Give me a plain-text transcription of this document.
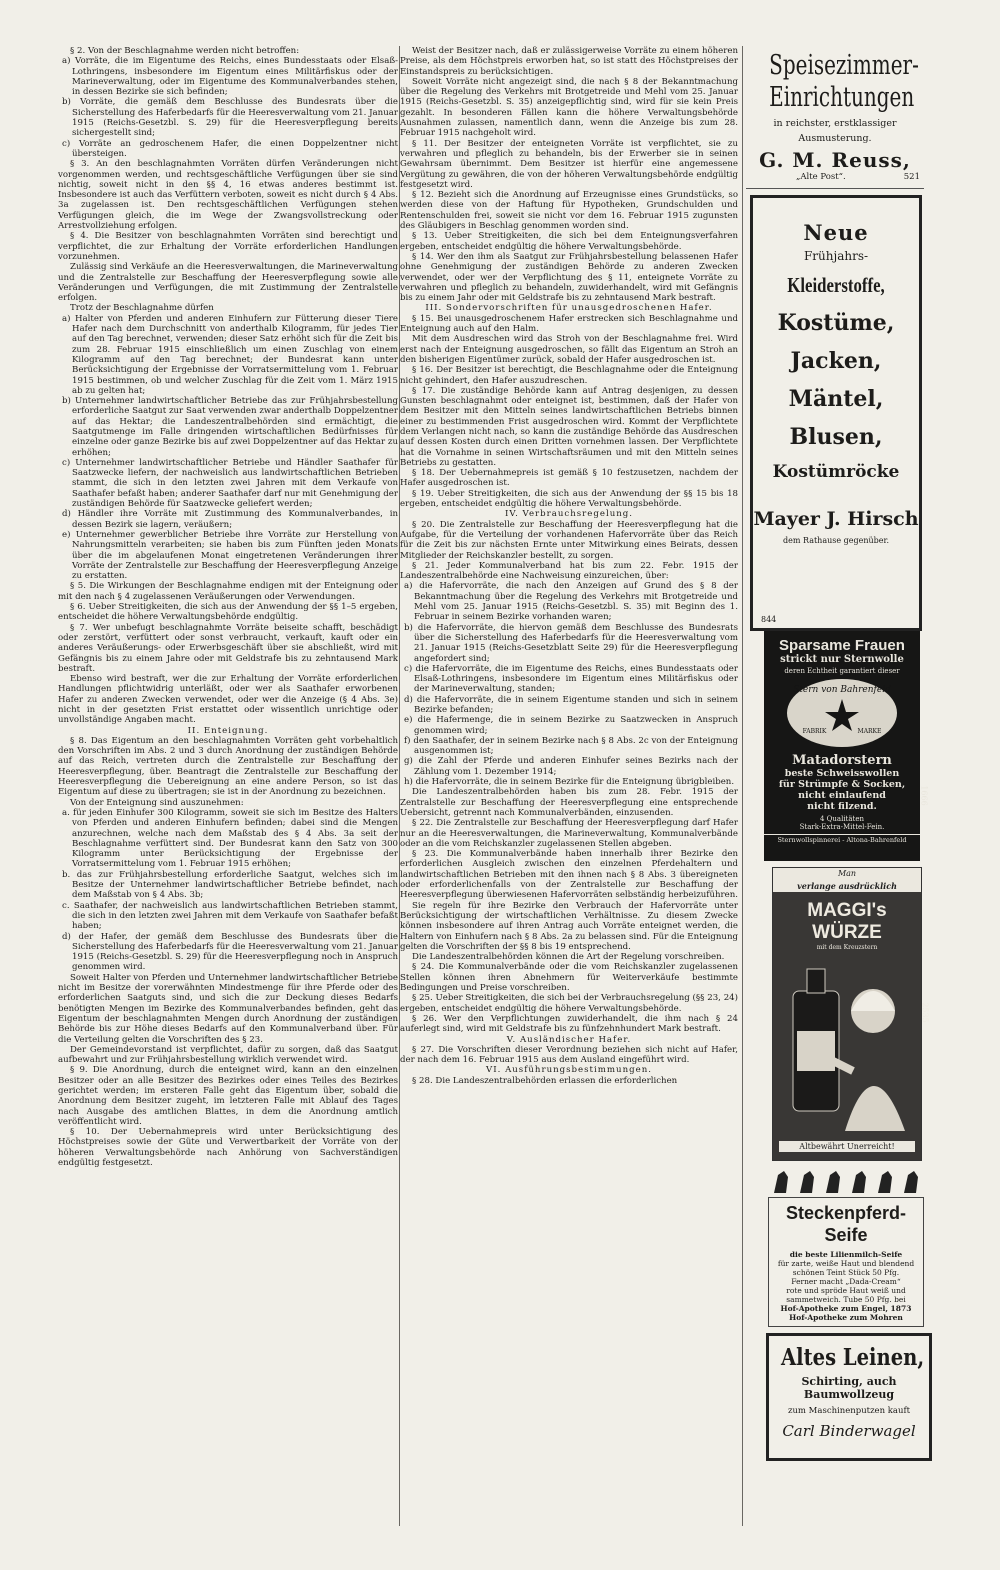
§ 2. Von der Beschlagnahme werden nicht betroffen:

a) Vorräte, die im Eigentume des Reichs, eines Bundesstaats oder Elsaß-Lothringens, insbesondere im Eigentum eines Militärfiskus oder der Marineverwaltung, oder im Eigentume des Kommunalverbandes stehen, in dessen Bezirke sie sich befinden;

b) Vorräte, die gemäß dem Beschlusse des Bundesrats über die Sicherstellung des Haferbedarfs für die Heeresverwaltung vom 21. Januar 1915 (Reichs-Gesetzbl. S. 29) für die Heeresverpflegung bereits sichergestellt sind;

c) Vorräte an gedroschenem Hafer, die einen Doppelzentner nicht übersteigen.

§ 3. An den beschlagnahmten Vorräten dürfen Veränderungen nicht vorgenommen werden, und rechtsgeschäftliche Verfügungen über sie sind nichtig, soweit nicht in den §§ 4, 16 etwas anderes bestimmt ist. Insbesondere ist auch das Verfüttern verboten, soweit es nicht durch § 4 Abs. 3a zugelassen ist. Den rechtsgeschäftlichen Verfügungen stehen Verfügungen gleich, die im Wege der Zwangsvollstreckung oder Arrestvollziehung erfolgen.

§ 4. Die Besitzer von beschlagnahmten Vorräten sind berechtigt und verpflichtet, die zur Erhaltung der Vorräte erforderlichen Handlungen vorzunehmen.

Zulässig sind Verkäufe an die Heeresverwaltungen, die Marineverwaltung und die Zentralstelle zur Beschaffung der Heeresverpflegung sowie alle Veränderungen und Verfügungen, die mit Zustimmung der Zentralstelle erfolgen.

Trotz der Beschlagnahme dürfen

a) Halter von Pferden und anderen Einhufern zur Fütterung dieser Tiere Hafer nach dem Durchschnitt von anderthalb Kilogramm, für jedes Tier auf den Tag berechnet, verwenden; dieser Satz erhöht sich für die Zeit bis zum 28. Februar 1915 einschließlich um einen Zuschlag von einem Kilogramm auf den Tag berechnet; der Bundesrat kann unter Berücksichtigung der Ergebnisse der Vorratsermittelung vom 1. Februar 1915 bestimmen, ob und welcher Zuschlag für die Zeit vom 1. März 1915 ab zu gelten hat;

b) Unternehmer landwirtschaftlicher Betriebe das zur Frühjahrsbestellung erforderliche Saatgut zur Saat verwenden zwar anderthalb Doppelzentner auf das Hektar; die Landeszentralbehörden sind ermächtigt, die Saatgutmenge im Falle dringenden wirtschaftlichen Bedürfnisses für einzelne oder ganze Bezirke bis auf zwei Doppelzentner auf das Hektar zu erhöhen;

c) Unternehmer landwirtschaftlicher Betriebe und Händler Saathafer für Saatzwecke liefern, der nachweislich aus landwirtschaftlichen Betrieben stammt, die sich in den letzten zwei Jahren mit dem Verkaufe von Saathafer befaßt haben; anderer Saathafer darf nur mit Genehmigung der zuständigen Behörde für Saatzwecke geliefert werden;

d) Händler ihre Vorräte mit Zustimmung des Kommunalverbandes, in dessen Bezirk sie lagern, veräußern;

e) Unternehmer gewerblicher Betriebe ihre Vorräte zur Herstellung von Nahrungsmitteln verarbeiten; sie haben bis zum Fünften jeden Monats über die im abgelaufenen Monat eingetretenen Veränderungen ihrer Vorräte der Zentralstelle zur Beschaffung der Heeresverpflegung Anzeige zu erstatten.

§ 5. Die Wirkungen der Beschlagnahme endigen mit der Enteignung oder mit den nach § 4 zugelassenen Veräußerungen oder Verwendungen.

§ 6. Ueber Streitigkeiten, die sich aus der Anwendung der §§ 1–5 ergeben, entscheidet die höhere Verwaltungsbehörde endgültig.

§ 7. Wer unbefugt beschlagnahmte Vorräte beiseite schafft, beschädigt oder zerstört, verfüttert oder sonst verbraucht, verkauft, kauft oder ein anderes Veräußerungs- oder Erwerbsgeschäft über sie abschließt, wird mit Gefängnis bis zu einem Jahre oder mit Geldstrafe bis zu zehntausend Mark bestraft.

Ebenso wird bestraft, wer die zur Erhaltung der Vorräte erforderlichen Handlungen pflichtwidrig unterläßt, oder wer als Saathafer erworbenen Hafer zu anderen Zwecken verwendet, oder wer die Anzeige (§ 4 Abs. 3e) nicht in der gesetzten Frist erstattet oder wissentlich unrichtige oder unvollständige Angaben macht.

II. Enteignung.

§ 8. Das Eigentum an den beschlagnahmten Vorräten geht vorbehaltlich den Vorschriften im Abs. 2 und 3 durch Anordnung der zuständigen Behörde auf das Reich, vertreten durch die Zentralstelle zur Beschaffung der Heeresverpflegung, über. Beantragt die Zentralstelle zur Beschaffung der Heeresverpflegung die Uebereignung an eine andere Person, so ist das Eigentum auf diese zu übertragen; sie ist in der Anordnung zu bezeichnen.

Von der Enteignung sind auszunehmen:

a. für jeden Einhufer 300 Kilogramm, soweit sie sich im Besitze des Halters von Pferden und anderen Einhufern befinden; dabei sind die Mengen anzurechnen, welche nach dem Maßstab des § 4 Abs. 3a seit der Beschlagnahme verfüttert sind. Der Bundesrat kann den Satz von 300 Kilogramm unter Berücksichtigung der Ergebnisse der Vorratsermittelung vom 1. Februar 1915 erhöhen;

b. das zur Frühjahrsbestellung erforderliche Saatgut, welches sich im Besitze der Unternehmer landwirtschaftlicher Betriebe befindet, nach dem Maßstab von § 4 Abs. 3b;

c. Saathafer, der nachweislich aus landwirtschaftlichen Betrieben stammt, die sich in den letzten zwei Jahren mit dem Verkaufe von Saathafer befaßt haben;

d) der Hafer, der gemäß dem Beschlusse des Bundesrats über die Sicherstellung des Haferbedarfs für die Heeresverwaltung vom 21. Januar 1915 (Reichs-Gesetzbl. S. 29) für die Heeresverpflegung noch in Anspruch genommen wird.

Soweit Halter von Pferden und Unternehmer landwirtschaftlicher Betriebe nicht im Besitze der vorerwähnten Mindestmenge für ihre Pferde oder des erforderlichen Saatguts sind, und sich die zur Deckung dieses Bedarfs benötigten Mengen im Bezirke des Kommunalverbandes befinden, geht das Eigentum der beschlagnahmten Mengen durch Anordnung der zuständigen Behörde bis zur Höhe dieses Bedarfs auf den Kommunalverband über. Für die Verteilung gelten die Vorschriften des § 23.

Der Gemeindevorstand ist verpflichtet, dafür zu sorgen, daß das Saatgut aufbewahrt und zur Frühjahrsbestellung wirklich verwendet wird.

§ 9. Die Anordnung, durch die enteignet wird, kann an den einzelnen Besitzer oder an alle Besitzer des Bezirkes oder eines Teiles des Bezirkes gerichtet werden; im ersteren Falle geht das Eigentum über, sobald die Anordnung dem Besitzer zugeht, im letzteren Falle mit Ablauf des Tages nach Ausgabe des amtlichen Blattes, in dem die Anordnung amtlich veröffentlicht wird.

§ 10. Der Uebernahmepreis wird unter Berücksichtigung des Höchstpreises sowie der Güte und Verwertbarkeit der Vorräte von der höheren Verwaltungsbehörde nach Anhörung von Sachverständigen endgültig festgesetzt.

Weist der Besitzer nach, daß er zulässigerweise Vorräte zu einem höheren Preise, als dem Höchstpreis erworben hat, so ist statt des Höchstpreises der Einstandspreis zu berücksichtigen.

Soweit Vorräte nicht angezeigt sind, die nach § 8 der Bekanntmachung über die Regelung des Verkehrs mit Brotgetreide und Mehl vom 25. Januar 1915 (Reichs-Gesetzbl. S. 35) anzeigepflichtig sind, wird für sie kein Preis gezahlt. In besonderen Fällen kann die höhere Verwaltungsbehörde Ausnahmen zulassen, namentlich dann, wenn die Anzeige bis zum 28. Februar 1915 nachgeholt wird.

§ 11. Der Besitzer der enteigneten Vorräte ist verpflichtet, sie zu verwahren und pfleglich zu behandeln, bis der Erwerber sie in seinen Gewahrsam übernimmt. Dem Besitzer ist hierfür eine angemessene Vergütung zu gewähren, die von der höheren Verwaltungsbehörde endgültig festgesetzt wird.

§ 12. Bezieht sich die Anordnung auf Erzeugnisse eines Grundstücks, so werden diese von der Haftung für Hypotheken, Grundschulden und Rentenschulden frei, soweit sie nicht vor dem 16. Februar 1915 zugunsten des Gläubigers in Beschlag genommen worden sind.

§ 13. Ueber Streitigkeiten, die sich bei dem Enteignungsverfahren ergeben, entscheidet endgültig die höhere Verwaltungsbehörde.

§ 14. Wer den ihm als Saatgut zur Frühjahrsbestellung belassenen Hafer ohne Genehmigung der zuständigen Behörde zu anderen Zwecken verwendet, oder wer der Verpflichtung des § 11, enteignete Vorräte zu verwahren und pfleglich zu behandeln, zuwiderhandelt, wird mit Gefängnis bis zu einem Jahr oder mit Geldstrafe bis zu zehntausend Mark bestraft.

III. Sondervorschriften für unausgedroschenen Hafer.

§ 15. Bei unausgedroschenem Hafer erstrecken sich Beschlagnahme und Enteignung auch auf den Halm.

Mit dem Ausdreschen wird das Stroh von der Beschlagnahme frei. Wird erst nach der Enteignung ausgedroschen, so fällt das Eigentum an Stroh an den bisherigen Eigentümer zurück, sobald der Hafer ausgedroschen ist.

§ 16. Der Besitzer ist berechtigt, die Beschlagnahme oder die Enteignung nicht gehindert, den Hafer auszudreschen.

§ 17. Die zuständige Behörde kann auf Antrag desjenigen, zu dessen Gunsten beschlagnahmt oder enteignet ist, bestimmen, daß der Hafer von dem Besitzer mit den Mitteln seines landwirtschaftlichen Betriebs binnen einer zu bestimmenden Frist ausgedroschen wird. Kommt der Verpflichtete dem Verlangen nicht nach, so kann die zuständige Behörde das Ausdreschen auf dessen Kosten durch einen Dritten vornehmen lassen. Der Verpflichtete hat die Vornahme in seinen Wirtschaftsräumen und mit den Mitteln seines Betriebs zu gestatten.

§ 18. Der Uebernahmepreis ist gemäß § 10 festzusetzen, nachdem der Hafer ausgedroschen ist.

§ 19. Ueber Streitigkeiten, die sich aus der Anwendung der §§ 15 bis 18 ergeben, entscheidet endgültig die höhere Verwaltungsbehörde.

IV. Verbrauchsregelung.

§ 20. Die Zentralstelle zur Beschaffung der Heeresverpflegung hat die Aufgabe, für die Verteilung der vorhandenen Hafervorräte über das Reich für die Zeit bis zur nächsten Ernte unter Mitwirkung eines Beirats, dessen Mitglieder der Reichskanzler bestellt, zu sorgen.

§ 21. Jeder Kommunalverband hat bis zum 22. Febr. 1915 der Landeszentralbehörde eine Nachweisung einzureichen, über:

a) die Hafervorräte, die nach den Anzeigen auf Grund des § 8 der Bekanntmachung über die Regelung des Verkehrs mit Brotgetreide und Mehl vom 25. Januar 1915 (Reichs-Gesetzbl. S. 35) mit Beginn des 1. Februar in seinem Bezirke vorhanden waren;

b) die Hafervorräte, die hiervon gemäß dem Beschlusse des Bundesrats über die Sicherstellung des Haferbedarfs für die Heeresverwaltung vom 21. Januar 1915 (Reichs-Gesetzblatt Seite 29) für die Heeresverpflegung angefordert sind;

c) die Hafervorräte, die im Eigentume des Reichs, eines Bundesstaats oder Elsaß-Lothringens, insbesondere im Eigentum eines Militärfiskus oder der Marineverwaltung, standen;

d) die Hafervorräte, die in seinem Eigentume standen und sich in seinem Bezirke befanden;

e) die Hafermenge, die in seinem Bezirke zu Saatzwecken in Anspruch genommen wird;

f) den Saathafer, der in seinem Bezirke nach § 8 Abs. 2c von der Enteignung ausgenommen ist;

g) die Zahl der Pferde und anderen Einhufer seines Bezirks nach der Zählung vom 1. Dezember 1914;

h) die Hafervorräte, die in seinem Bezirke für die Enteignung übrigbleiben.

Die Landeszentralbehörden haben bis zum 28. Febr. 1915 der Zentralstelle zur Beschaffung der Heeresverpflegung eine entsprechende Uebersicht, getrennt nach Kommunalverbänden, einzusenden.

§ 22. Die Zentralstelle zur Beschaffung der Heeresverpflegung darf Hafer nur an die Heeresverwaltungen, die Marineverwaltung, Kommunalverbände oder an die vom Reichskanzler zugelassenen Stellen abgeben.

§ 23. Die Kommunalverbände haben innerhalb ihrer Bezirke den erforderlichen Ausgleich zwischen den einzelnen Pferdehaltern und landwirtschaftlichen Betrieben mit den ihnen nach § 8 Abs. 3 übereigneten oder erforderlichenfalls von der Zentralstelle zur Beschaffung der Heeresverpflegung überwiesenen Hafervorräten selbständig herbeizuführen.

Sie regeln für ihre Bezirke den Verbrauch der Hafervorräte unter Berücksichtigung der wirtschaftlichen Verhältnisse. Zu diesem Zwecke können insbesondere auf ihren Antrag auch Vorräte enteignet werden, die Haltern von Einhufern nach § 8 Abs. 2a zu belassen sind. Für die Enteignung gelten die Vorschriften der §§ 8 bis 19 entsprechend.

Die Landeszentralbehörden können die Art der Regelung vorschreiben.

§ 24. Die Kommunalverbände oder die vom Reichskanzler zugelassenen Stellen können ihren Abnehmern für Weiterverkäufe bestimmte Bedingungen und Preise vorschreiben.

§ 25. Ueber Streitigkeiten, die sich bei der Verbrauchsregelung (§§ 23, 24) ergeben, entscheidet endgültig die höhere Verwaltungsbehörde.

§ 26. Wer den Verpflichtungen zuwiderhandelt, die ihm nach § 24 auferlegt sind, wird mit Geldstrafe bis zu fünfzehnhundert Mark bestraft.

V. Ausländischer Hafer.

§ 27. Die Vorschriften dieser Verordnung beziehen sich nicht auf Hafer, der nach dem 16. Februar 1915 aus dem Ausland eingeführt wird.

VI. Ausführungsbestimmungen.

§ 28. Die Landeszentralbehörden erlassen die erforderlichen

Speisezimmer-
Einrichtungen
in reichster, erstklassiger
Ausmusterung.
G. M. Reuss,
„Alte Post“.	521
Neue
Frühjahrs-
Kleiderstoffe,
Kostüme,
Jacken,
Mäntel,
Blusen,
Kostümröcke
Mayer J. Hirsch
dem Rathause gegenüber.
844
Sparsame Frauen
strickt nur Sternwolle
deren Echtheit garantiert dieser
Stern von Bahrenfeld
FABRIK	MARKE
Matadorstern
beste Schweisswollen
für Strümpfe & Socken,
nicht einlaufend
nicht filzend.
4 Qualitäten
Stark-Extra-Mittel-Fein.
Sternwollspinnerei - Altona-Bahrenfeld
1666
Man
verlange ausdrücklich
MAGGI's WÜRZE
mit dem Kreuzstern
Altbewährt Unerreicht!
2535
Steckenpferd-
Seife
die beste Lilienmilch-Seife
für zarte, weiße Haut und blendend schönen Teint Stück 50 Pfg.
Ferner macht „Dada-Cream“
rote und spröde Haut weiß und sammetweich. Tube 50 Pfg. bei
Hof-Apotheke zum Engel, 1873
Hof-Apotheke zum Mohren
Altes Leinen,
Schirting, auch Baumwollzeug
zum Maschinenputzen kauft
Carl Binderwagel
